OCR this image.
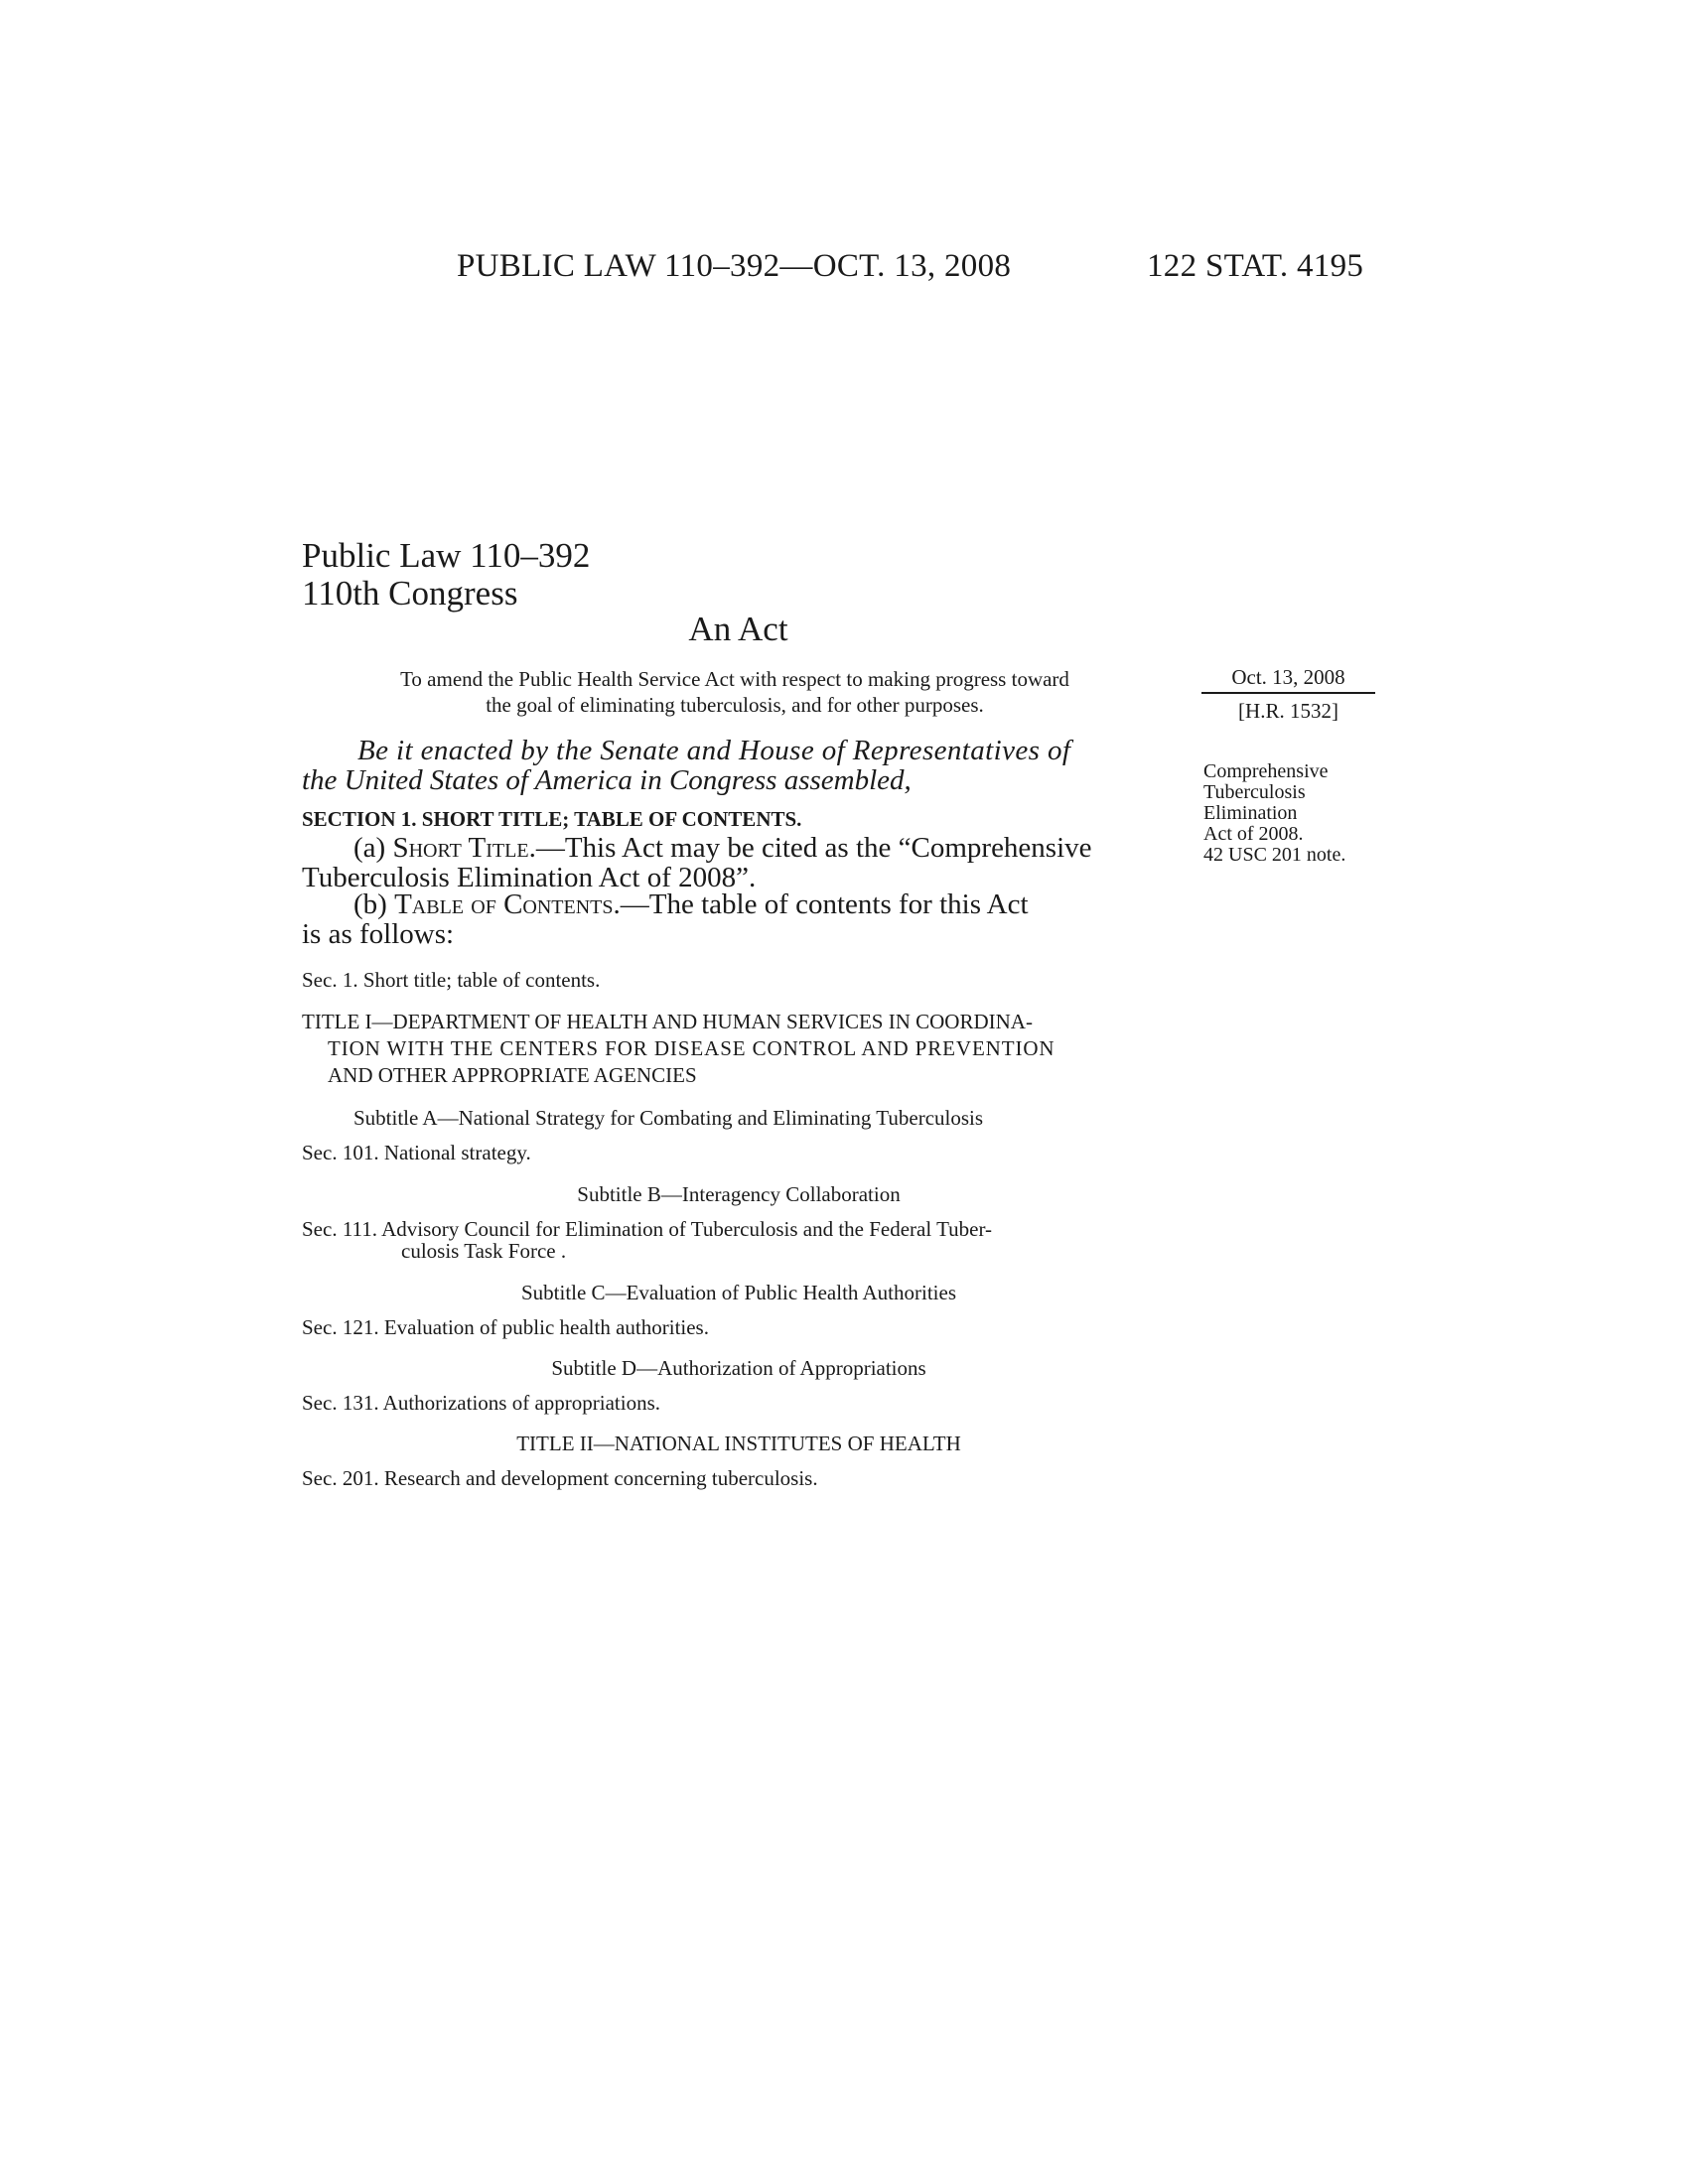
PUBLIC LAW 110–392—OCT. 13, 2008	122 STAT. 4195
Public Law 110–392
110th Congress
An Act
To amend the Public Health Service Act with respect to making progress toward
the goal of eliminating tuberculosis, and for other purposes.
Oct. 13, 2008
[H.R. 1532]
Comprehensive
Tuberculosis
Elimination
Act of 2008.
42 USC 201 note.
Be it enacted by the Senate and House of Representatives of
the United States of America in Congress assembled,
SECTION 1. SHORT TITLE; TABLE OF CONTENTS.
(a) Short Title.—This Act may be cited as the “Comprehensive
Tuberculosis Elimination Act of 2008”.
(b) Table of Contents.—The table of contents for this Act
is as follows:
Sec. 1. Short title; table of contents.
TITLE I—DEPARTMENT OF HEALTH AND HUMAN SERVICES IN COORDINA-
TION WITH THE CENTERS FOR DISEASE CONTROL AND PREVENTION
AND OTHER APPROPRIATE AGENCIES
Subtitle A—National Strategy for Combating and Eliminating Tuberculosis
Sec. 101. National strategy.
Subtitle B—Interagency Collaboration
Sec. 111. Advisory Council for Elimination of Tuberculosis and the Federal Tuber-
culosis Task Force .
Subtitle C—Evaluation of Public Health Authorities
Sec. 121. Evaluation of public health authorities.
Subtitle D—Authorization of Appropriations
Sec. 131. Authorizations of appropriations.
TITLE II—NATIONAL INSTITUTES OF HEALTH
Sec. 201. Research and development concerning tuberculosis.
